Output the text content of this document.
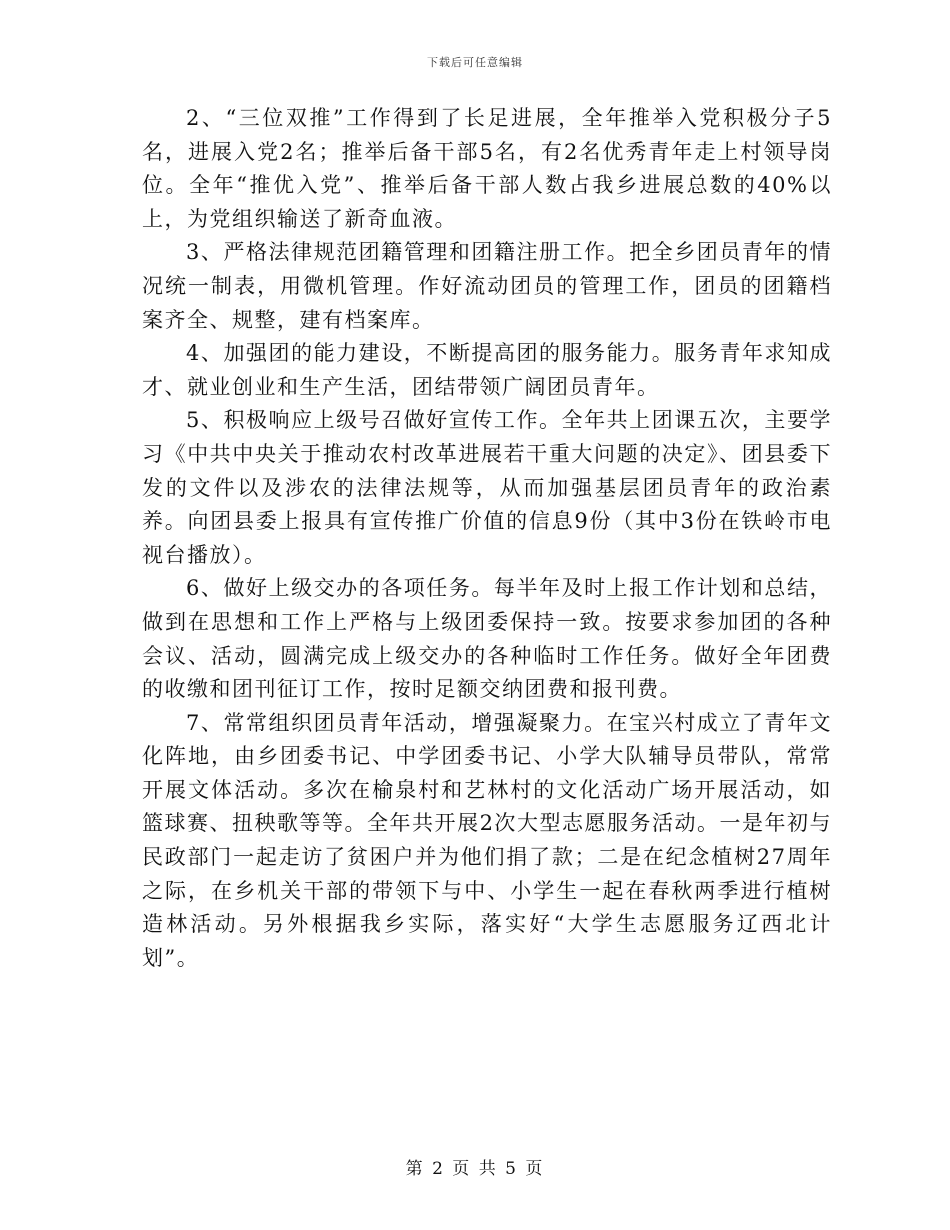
下载后可任意编辑

2、“三位双推”工作得到了长足进展，全年推举入党积极分子5名，进展入党2名；推举后备干部5名，有2名优秀青年走上村领导岗位。全年“推优入党”、推举后备干部人数占我乡进展总数的40%以上，为党组织输送了新奇血液。

3、严格法律规范团籍管理和团籍注册工作。把全乡团员青年的情况统一制表，用微机管理。作好流动团员的管理工作，团员的团籍档案齐全、规整，建有档案库。

4、加强团的能力建设，不断提高团的服务能力。服务青年求知成才、就业创业和生产生活，团结带领广阔团员青年。

5、积极响应上级号召做好宣传工作。全年共上团课五次，主要学习《中共中央关于推动农村改革进展若干重大问题的决定》、团县委下发的文件以及涉农的法律法规等，从而加强基层团员青年的政治素养。向团县委上报具有宣传推广价值的信息9份（其中3份在铁岭市电视台播放）。

6、做好上级交办的各项任务。每半年及时上报工作计划和总结，做到在思想和工作上严格与上级团委保持一致。按要求参加团的各种会议、活动，圆满完成上级交办的各种临时工作任务。做好全年团费的收缴和团刊征订工作，按时足额交纳团费和报刊费。

7、常常组织团员青年活动，增强凝聚力。在宝兴村成立了青年文化阵地，由乡团委书记、中学团委书记、小学大队辅导员带队，常常开展文体活动。多次在榆泉村和艺林村的文化活动广场开展活动，如篮球赛、扭秧歌等等。全年共开展2次大型志愿服务活动。一是年初与民政部门一起走访了贫困户并为他们捐了款；二是在纪念植树27周年之际，在乡机关干部的带领下与中、小学生一起在春秋两季进行植树造林活动。另外根据我乡实际，落实好“大学生志愿服务辽西北计划”。

第 2 页 共 5 页
